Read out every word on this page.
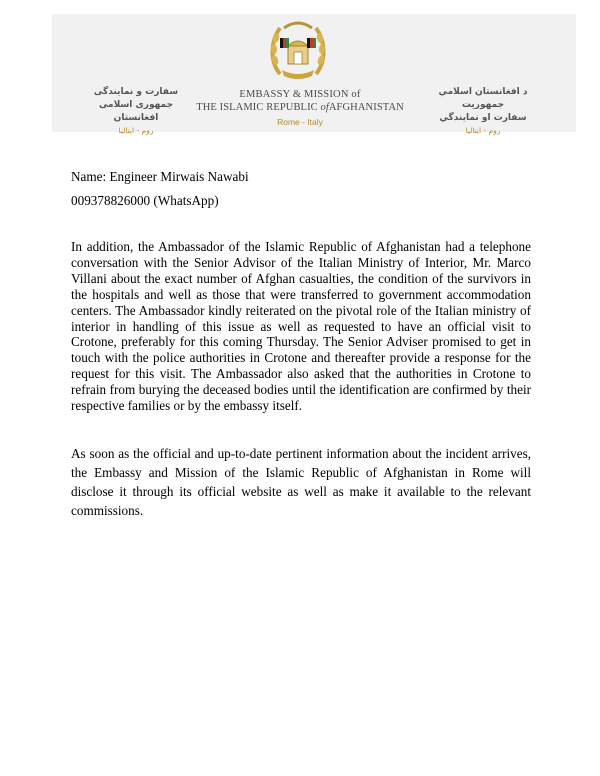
سفارت و نمایندگی
جمهوری اسلامی افغانستان
روم - ایتالیا
EMBASSY & MISSION of
THE ISLAMIC REPUBLIC ofAFGHANISTAN
Rome - Italy
د افغانستان اسلامي جمهوریت
سفارت او نمایندگي
روم - ایتالیا
Name: Engineer Mirwais Nawabi
009378826000 (WhatsApp)

In addition, the Ambassador of the Islamic Republic of Afghanistan had a telephone conversation with the Senior Advisor of the Italian Ministry of Interior, Mr. Marco Villani about the exact number of Afghan casualties, the condition of the survivors in the hospitals and well as those that were transferred to government accommodation centers. The Ambassador kindly reiterated on the pivotal role of the Italian ministry of interior in handling of this issue as well as requested to have an official visit to Crotone, preferably for this coming Thursday. The Senior Adviser promised to get in touch with the police authorities in Crotone and thereafter provide a response for the request for this visit. The Ambassador also asked that the authorities in Crotone to refrain from burying the deceased bodies until the identification are confirmed by their respective families or by the embassy itself.

As soon as the official and up-to-date pertinent information about the incident arrives, the Embassy and Mission of the Islamic Republic of Afghanistan in Rome will disclose it through its official website as well as make it available to the relevant commissions.
